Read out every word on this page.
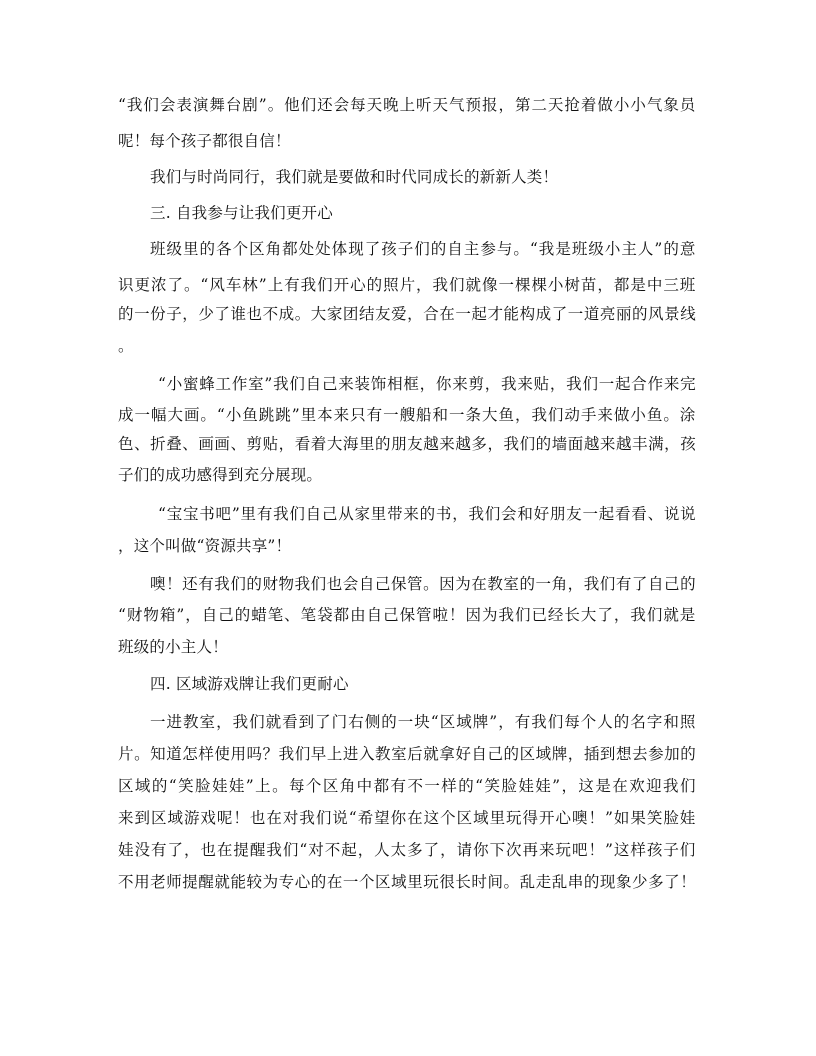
“ 我 们 会 表 演 舞 台 剧 ” 。 他 们 还 会 每 天 晚 上 听 天 气 预 报 ， 第 二 天 抢 着 做 小 小 气 象 员
呢！每个孩子都很自信！
我们与时尚同行，我们就是要做和时代同成长的新新人类！
三. 自我参与让我们更开心
班 级 里 的 各 个 区 角 都 处 处 体 现 了 孩 子 们 的 自 主 参 与 。 “ 我 是 班 级 小 主 人 ” 的 意
识 更 浓 了 。 “ 风 车 林 ” 上 有 我 们 开 心 的 照 片 ， 我 们 就 像 一 棵 棵 小 树 苗 ， 都 是 中 三 班
的 一 份 子 ， 少 了 谁 也 不 成 。 大 家 团 结 友 爱 ， 合 在 一 起 才 能 构 成 了 一 道 亮 丽 的 风 景 线
。
“ 小 蜜 蜂 工 作 室 ” 我 们 自 己 来 装 饰 相 框 ， 你 来 剪 ， 我 来 贴 ， 我 们 一 起 合 作 来 完
成 一 幅 大 画 。 “ 小 鱼 跳 跳 ” 里 本 来 只 有 一 艘 船 和 一 条 大 鱼 ， 我 们 动 手 来 做 小 鱼 。 涂
色 、 折 叠 、 画 画 、 剪 贴 ， 看 着 大 海 里 的 朋 友 越 来 越 多 ， 我 们 的 墙 面 越 来 越 丰 满 ， 孩
子们的成功感得到充分展现。
“ 宝 宝 书 吧 ” 里 有 我 们 自 己 从 家 里 带 来 的 书 ， 我 们 会 和 好 朋 友 一 起 看 看 、 说 说
，这个叫做“资源共享”！
噢 ！ 还 有 我 们 的 财 物 我 们 也 会 自 己 保 管 。 因 为 在 教 室 的 一 角 ， 我 们 有 了 自 己 的
“ 财 物 箱 ” ， 自 己 的 蜡 笔 、 笔 袋 都 由 自 己 保 管 啦 ！ 因 为 我 们 已 经 长 大 了 ， 我 们 就 是
班级的小主人！
四. 区域游戏牌让我们更耐心
一 进 教 室 ， 我 们 就 看 到 了 门 右 侧 的 一 块 “ 区 域 牌 ” ， 有 我 们 每 个 人 的 名 字 和 照
片 。 知 道 怎 样 使 用 吗 ？ 我 们 早 上 进 入 教 室 后 就 拿 好 自 己 的 区 域 牌 ， 插 到 想 去 参 加 的
区 域 的 “ 笑 脸 娃 娃 ” 上 。 每 个 区 角 中 都 有 不 一 样 的 “ 笑 脸 娃 娃 ” ， 这 是 在 欢 迎 我 们
来 到 区 域 游 戏 呢 ！ 也 在 对 我 们 说 “ 希 望 你 在 这 个 区 域 里 玩 得 开 心 噢 ！ ” 如 果 笑 脸 娃
娃 没 有 了 ， 也 在 提 醒 我 们 “ 对 不 起 ， 人 太 多 了 ， 请 你 下 次 再 来 玩 吧 ！ ” 这 样 孩 子 们
不 用 老 师 提 醒 就 能 较 为 专 心 的 在 一 个 区 域 里 玩 很 长 时 间 。 乱 走 乱 串 的 现 象 少 多 了 ！
